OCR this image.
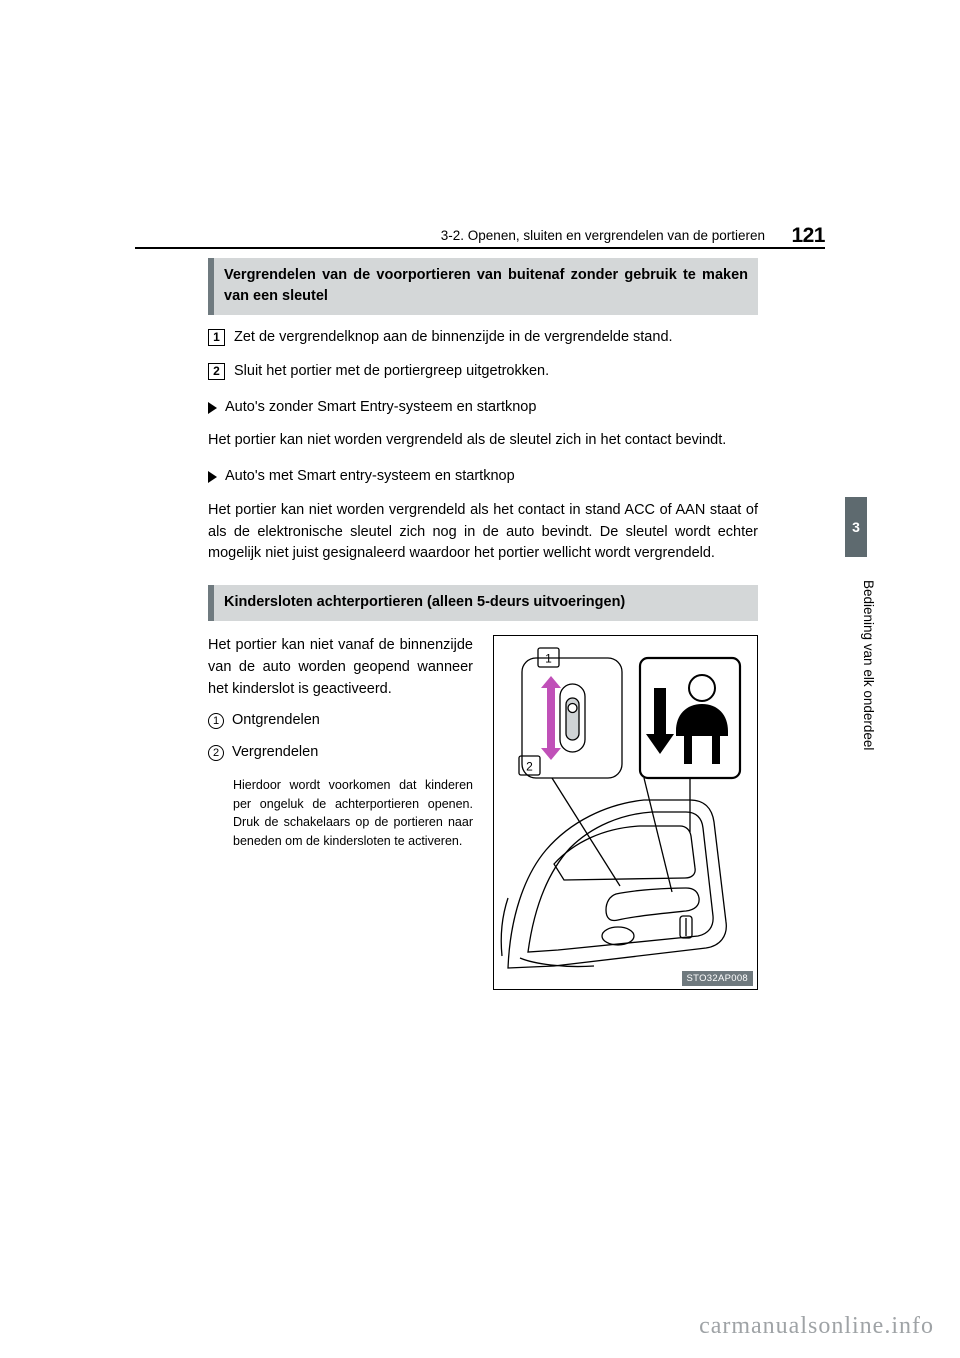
3-2. Openen, sluiten en vergrendelen van de portieren 121
3
Bediening van elk onderdeel
Vergrendelen van de voorportieren van buitenaf zonder gebruik te maken van een sleutel
1 Zet de vergrendelknop aan de binnenzijde in de vergrendelde stand.
2 Sluit het portier met de portiergreep uitgetrokken.
Auto's zonder Smart Entry-systeem en startknop
Het portier kan niet worden vergrendeld als de sleutel zich in het contact bevindt.
Auto's met Smart entry-systeem en startknop
Het portier kan niet worden vergrendeld als het contact in stand ACC of AAN staat of als de elektronische sleutel zich nog in de auto bevindt. De sleutel wordt echter mogelijk niet juist gesignaleerd waardoor het portier wellicht wordt vergrendeld.
Kindersloten achterportieren (alleen 5-deurs uitvoeringen)

Het portier kan niet vanaf de binnenzijde van de auto worden geopend wanneer het kinderslot is geactiveerd.

1 Ontgrendelen
2 Vergrendelen
Hierdoor wordt voorkomen dat kinderen per ongeluk de achterportieren openen. Druk de schakelaars op de portieren naar beneden om de kindersloten te activeren.
1
2
STO32AP008
carmanualsonline.info
